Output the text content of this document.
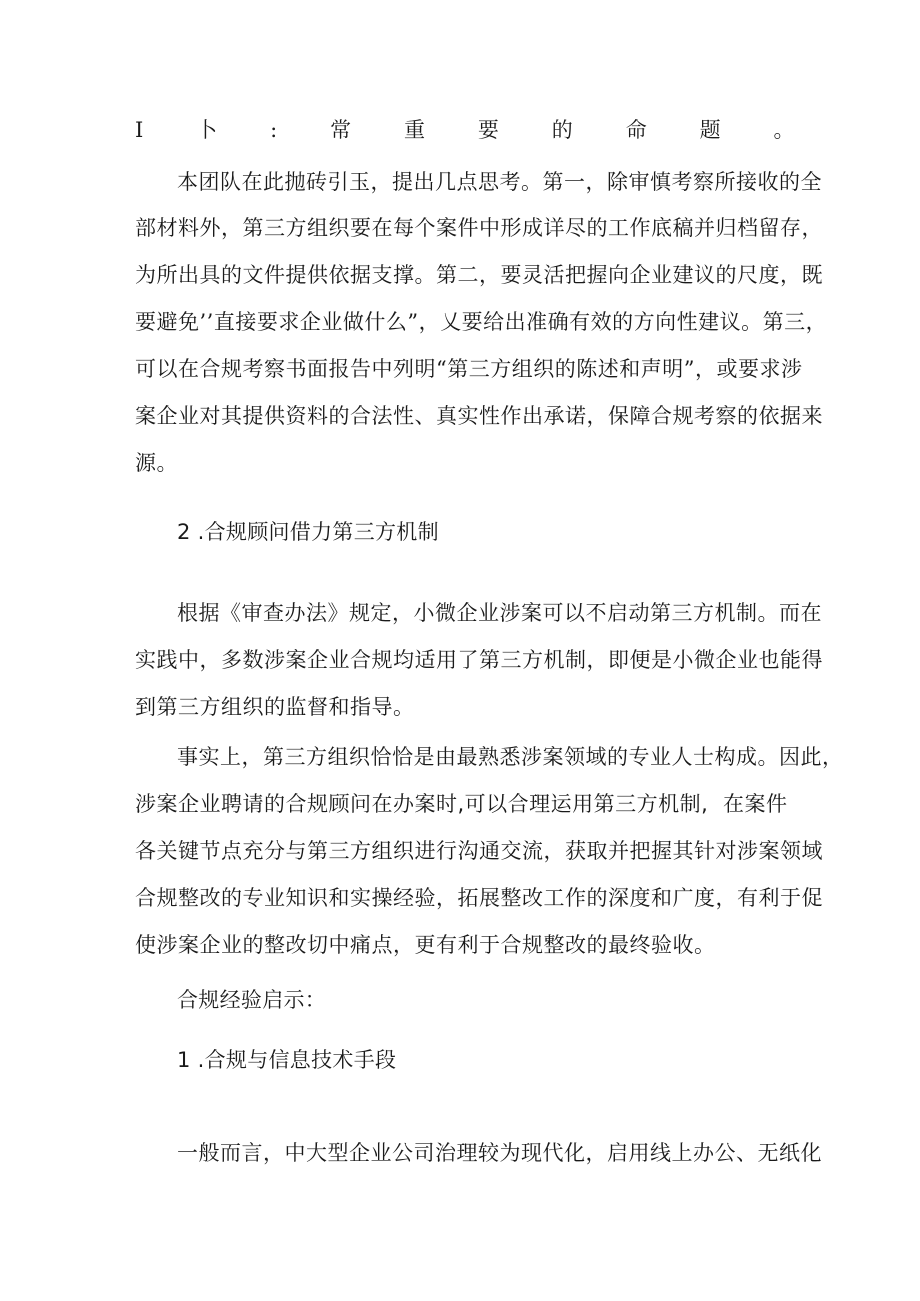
I卜:常重要的命题。
本团队在此抛砖引玉，提出几点思考。第一，除审慎考察所接收的全
部材料外，第三方组织要在每个案件中形成详尽的工作底稿并归档留存，
为所出具的文件提供依据支撑。第二，要灵活把握向企业建议的尺度，既
要避免’’直接要求企业做什么”，乂要给出准确有效的方向性建议。第三，
可以在合规考察书面报告中列明“第三方组织的陈述和声明”，或要求涉
案企业对其提供资料的合法性、真实性作出承诺，保障合规考察的依据来
源。
2 .合规顾问借力第三方机制
根据《审查办法》规定，小微企业涉案可以不启动第三方机制。而在
实践中，多数涉案企业合规均适用了第三方机制，即便是小微企业也能得
到第三方组织的监督和指导。
事实上，第三方组织恰恰是由最熟悉涉案领域的专业人士构成。因此，
涉案企业聘请的合规顾问在办案时,可以合理运用第三方机制, 在案件
各关键节点充分与第三方组织进行沟通交流，获取并把握其针对涉案领域
合规整改的专业知识和实操经验，拓展整改工作的深度和广度，有利于促
使涉案企业的整改切中痛点，更有利于合规整改的最终验收。
合规经验启示：
1 .合规与信息技术手段
一般而言，中大型企业公司治理较为现代化，启用线上办公、无纸化
